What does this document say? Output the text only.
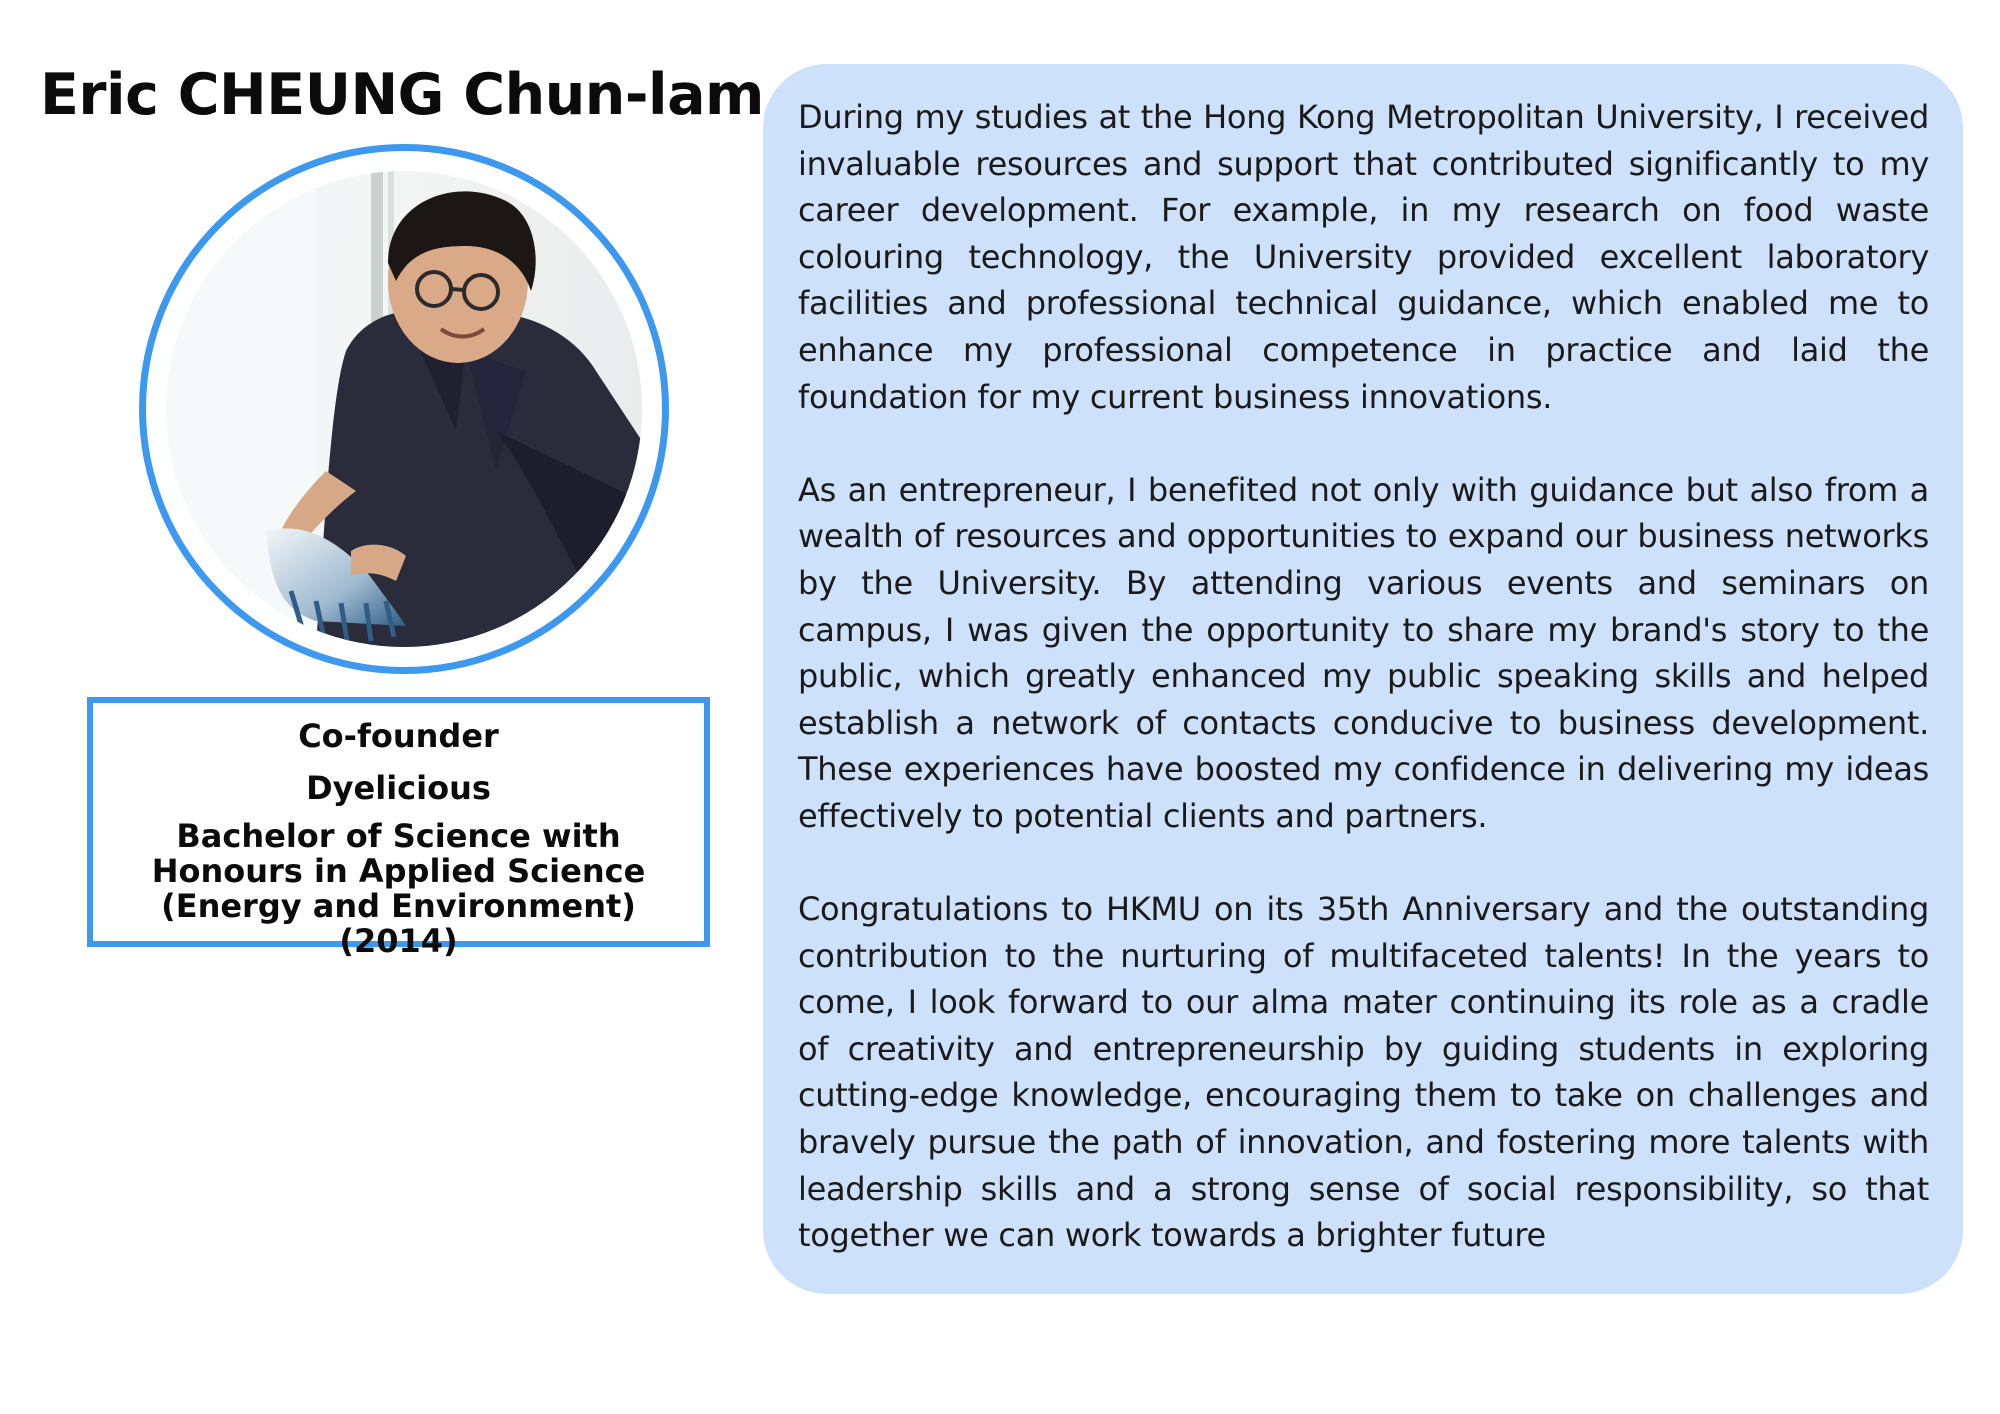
Eric CHEUNG Chun-lam
Co-founder
Dyelicious
Bachelor of Science with Honours in Applied Science (Energy and Environment) (2014)

During my studies at the Hong Kong Metropolitan University, I received invaluable resources and support that contributed significantly to my career development. For example, in my research on food waste colouring technology, the University provided excellent laboratory facilities and professional technical guidance, which enabled me to enhance my professional competence in practice and laid the foundation for my current business innovations.

As an entrepreneur, I benefited not only with guidance but also from a wealth of resources and opportunities to expand our business networks by the University. By attending various events and seminars on campus, I was given the opportunity to share my brand's story to the public, which greatly enhanced my public speaking skills and helped establish a network of contacts conducive to business development. These experiences have boosted my confidence in delivering my ideas effectively to potential clients and partners.

Congratulations to HKMU on its 35th Anniversary and the outstanding contribution to the nurturing of multifaceted talents! In the years to come, I look forward to our alma mater continuing its role as a cradle of creativity and entrepreneurship by guiding students in exploring cutting-edge knowledge, encouraging them to take on challenges and bravely pursue the path of innovation, and fostering more talents with leadership skills and a strong sense of social responsibility, so that together we can work towards a brighter future
